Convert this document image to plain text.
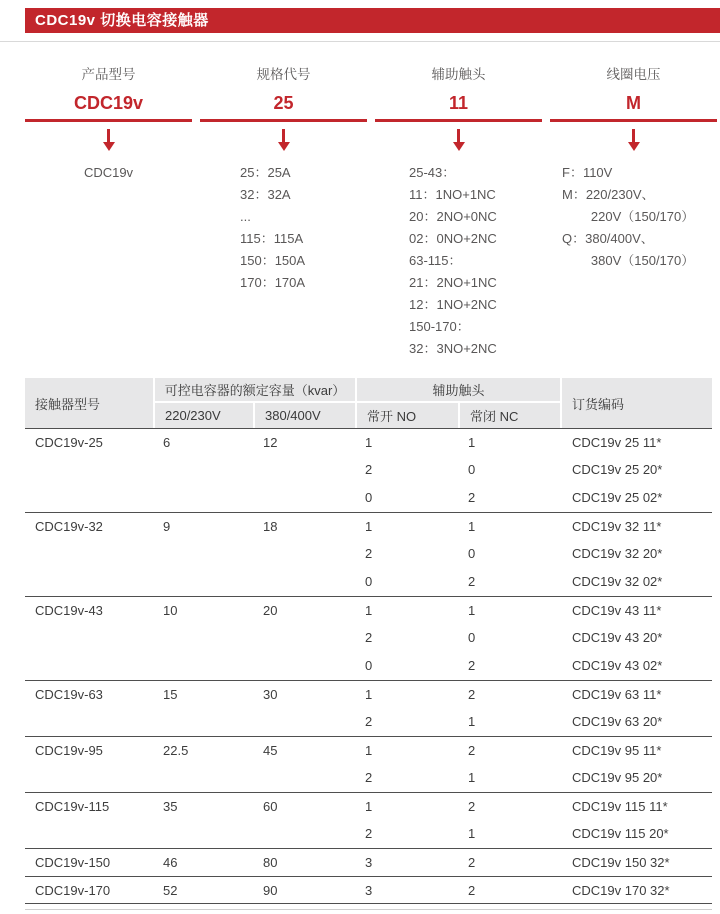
CDC19v 切换电容接触器
产品型号
CDC19v
CDC19v
规格代号
25
25：25A
32：32A
...
115：115A
150：150A
170：170A
辅助触头
11
25-43：
11：1NO+1NC
20：2NO+0NC
02：0NO+2NC
63-115：
21：2NO+1NC
12：1NO+2NC
150-170：
32：3NO+2NC
线圈电压
M
F：110V
M：220/230V、
220V（150/170）
Q：380/400V、
380V（150/170）
接触器型号	可控电容器的额定容量（kvar）		辅助触头		订货编码
	220/230V	380/400V	常开 NO	常闭 NC	
CDC19v-25	6	12	1	1	CDC19v 25 11*
			2	0	CDC19v 25 20*
			0	2	CDC19v 25 02*
CDC19v-32	9	18	1	1	CDC19v 32 11*
			2	0	CDC19v 32 20*
			0	2	CDC19v 32 02*
CDC19v-43	10	20	1	1	CDC19v 43 11*
			2	0	CDC19v 43 20*
			0	2	CDC19v 43 02*
CDC19v-63	15	30	1	2	CDC19v 63 11*
			2	1	CDC19v 63 20*
CDC19v-95	22.5	45	1	2	CDC19v 95 11*
			2	1	CDC19v 95 20*
CDC19v-115	35	60	1	2	CDC19v 115 11*
			2	1	CDC19v 115 20*
CDC19v-150	46	80	3	2	CDC19v 150 32*
CDC19v-170	52	90	3	2	CDC19v 170 32*
